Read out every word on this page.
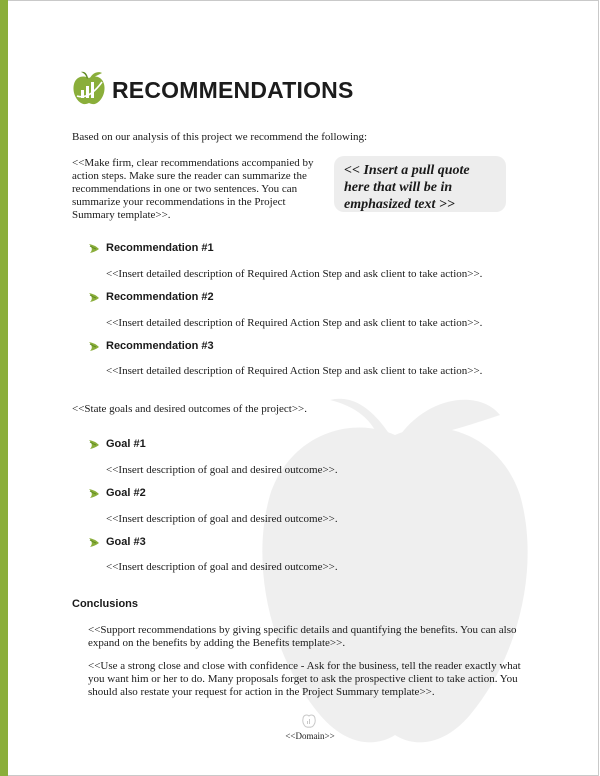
RECOMMENDATIONS
Based on our analysis of this project we recommend the following:
<<Make firm, clear recommendations accompanied by action steps. Make sure the reader can summarize the recommendations in one or two sentences. You can summarize your recommendations in the Project Summary template>>.
<< Insert a pull quote here that will be in emphasized text >>
Recommendation #1
<<Insert detailed description of Required Action Step and ask client to take action>>.
Recommendation #2
<<Insert detailed description of Required Action Step and ask client to take action>>.
Recommendation #3
<<Insert detailed description of Required Action Step and ask client to take action>>.
<<State goals and desired outcomes of the project>>.
Goal #1
<<Insert description of goal and desired outcome>>.
Goal #2
<<Insert description of goal and desired outcome>>.
Goal #3
<<Insert description of goal and desired outcome>>.
Conclusions
<<Support recommendations by giving specific details and quantifying the benefits. You can also expand on the benefits by adding the Benefits template>>.
<<Use a strong close and close with confidence - Ask for the business, tell the reader exactly what you want him or her to do. Many proposals forget to ask the prospective client to take action. You should also restate your request for action in the Project Summary template>>.
<<Domain>>
